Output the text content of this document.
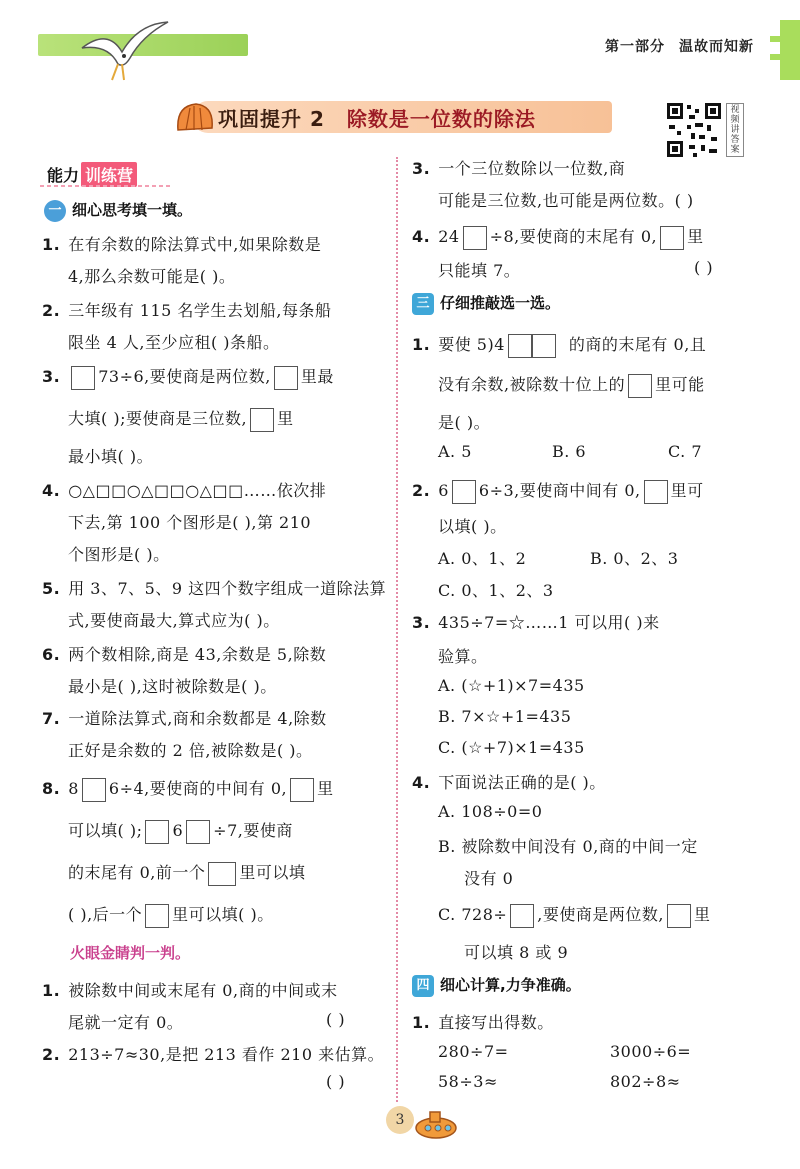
第一部分 温故而知新
巩固提升 2 除数是一位数的除法	视频讲答案
能力 训练营
一 细心思考填一填。
1. 在有余数的除法算式中,如果除数是
4,那么余数可能是( )。
2. 三年级有 115 名学生去划船,每条船
限坐 4 人,至少应租( )条船。
3. 73÷6,要使商是两位数, 里最
大填( );要使商是三位数, 里
最小填( )。
4. ○△□□○△□□○△□□……依次排
下去,第 100 个图形是( ),第 210
个图形是( )。
5. 用 3、7、5、9 这四个数字组成一道除法算
式,要使商最大,算式应为( )。
6. 两个数相除,商是 43,余数是 5,除数
最小是( ),这时被除数是( )。
7. 一道除法算式,商和余数都是 4,除数
正好是余数的 2 倍,被除数是( )。
8. 8 6÷4,要使商的中间有 0, 里
可以填( ); 6 ÷7,要使商
的末尾有 0,前一个 里可以填
( ),后一个 里可以填( )。
火眼金睛判一判。
1. 被除数中间或末尾有 0,商的中间或末
尾就一定有 0。	( )
2. 213÷7≈30,是把 213 看作 210 来估算。
( )
3. 一个三位数除以一位数,商
可能是三位数,也可能是两位数。( )
4. 24 ÷8,要使商的末尾有 0, 里
只能填 7。	( )
三 仔细推敲选一选。
1. 要使 5)4	的商的末尾有 0,且
没有余数,被除数十位上的 里可能
是( )。
A. 5	B. 6	C. 7
2. 6 6÷3,要使商中间有 0, 里可
以填( )。
A. 0、1、2	B. 0、2、3
C. 0、1、2、3
3. 435÷7=☆……1 可以用( )来
验算。
A. (☆+1)×7=435
B. 7×☆+1=435
C. (☆+7)×1=435
4. 下面说法正确的是( )。
A. 108÷0=0
B. 被除数中间没有 0,商的中间一定
没有 0
C. 728÷ ,要使商是两位数, 里
可以填 8 或 9
四 细心计算,力争准确。
1. 直接写出得数。
280÷7=	3000÷6=
58÷3≈	802÷8≈
3
